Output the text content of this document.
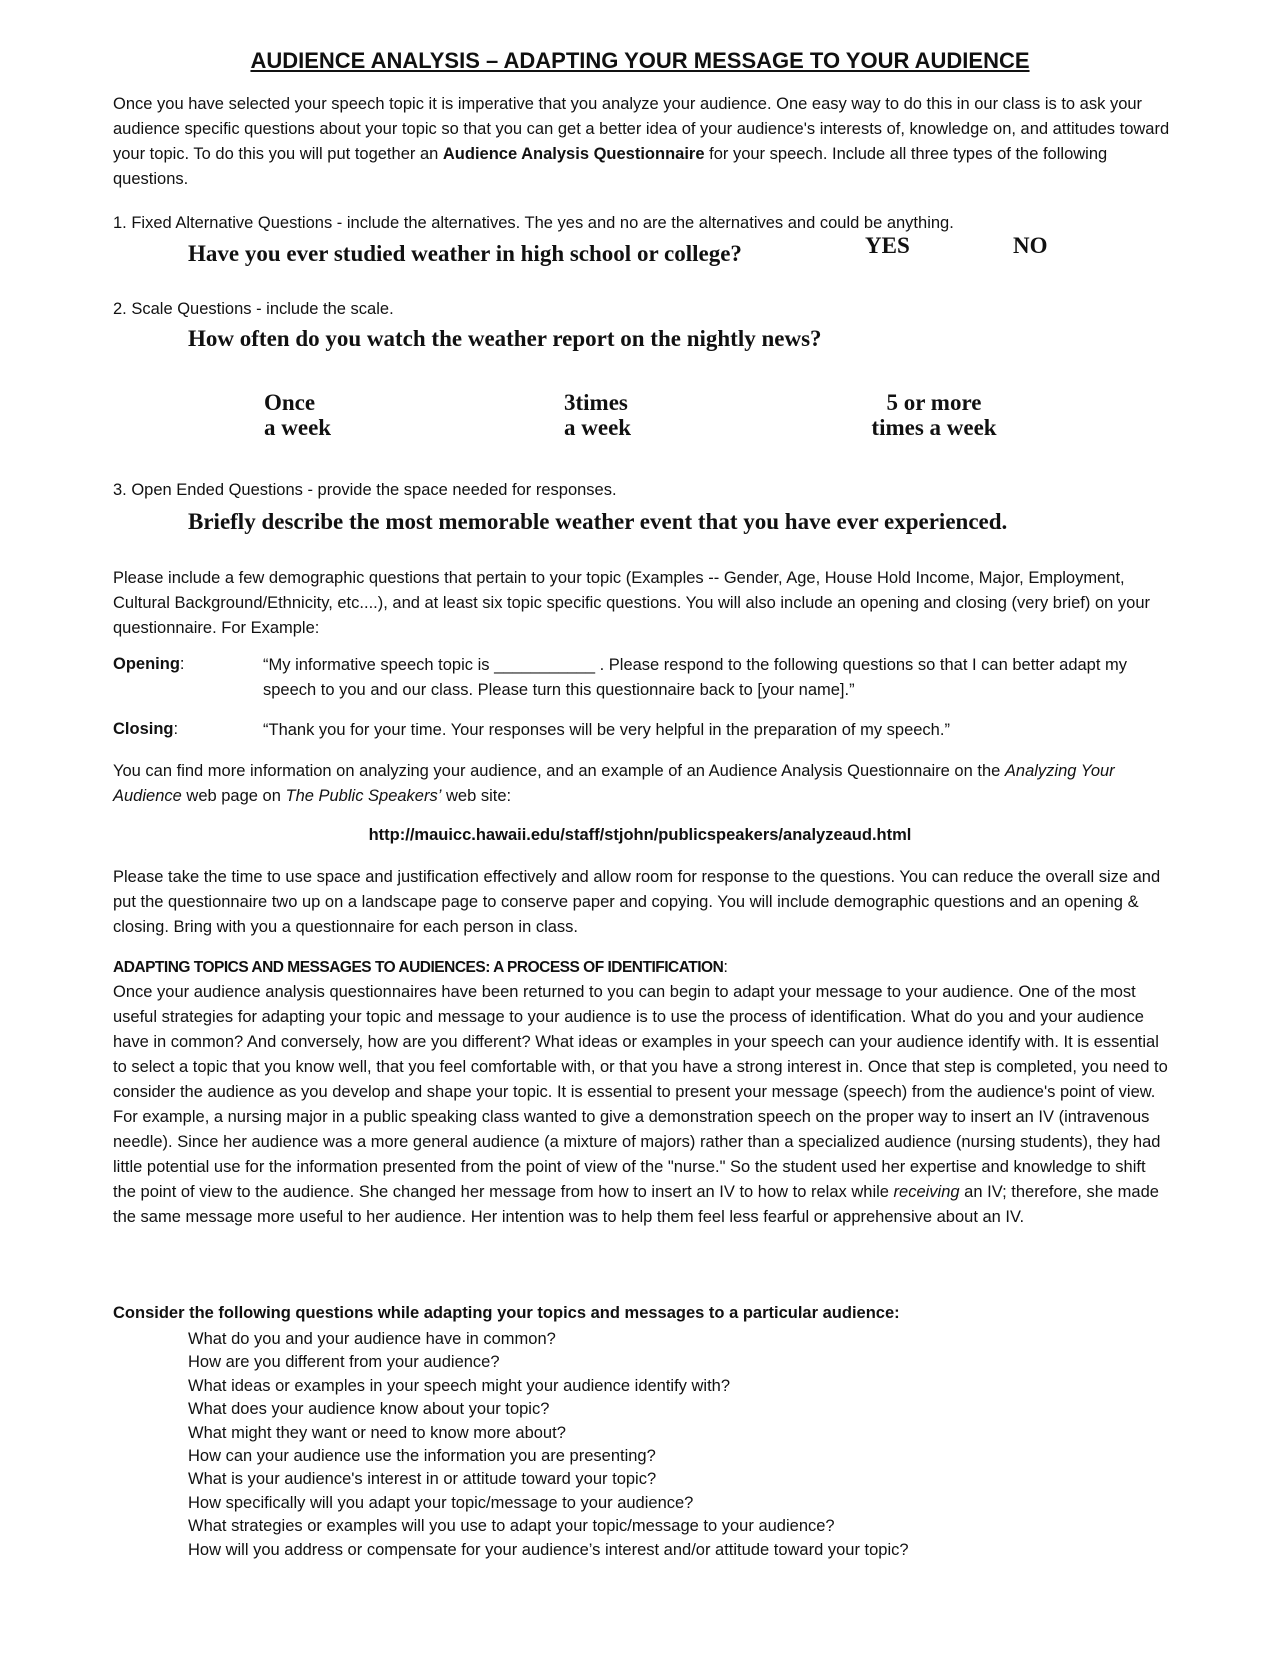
AUDIENCE ANALYSIS – ADAPTING YOUR MESSAGE TO YOUR AUDIENCE

Once you have selected your speech topic it is imperative that you analyze your audience. One easy way to do this in our class is to ask your audience specific questions about your topic so that you can get a better idea of your audience's interests of, knowledge on, and attitudes toward your topic. To do this you will put together an Audience Analysis Questionnaire for your speech. Include all three types of the following questions.

1. Fixed Alternative Questions - include the alternatives. The yes and no are the alternatives and could be anything.
Have you ever studied weather in high school or college?	YES	NO
2. Scale Questions - include the scale.
How often do you watch the weather report on the nightly news?
Once
a week
3times
a week
5 or more
times a week
3. Open Ended Questions - provide the space needed for responses.
Briefly describe the most memorable weather event that you have ever experienced.

Please include a few demographic questions that pertain to your topic (Examples -- Gender, Age, House Hold Income, Major, Employment, Cultural Background/Ethnicity, etc....), and at least six topic specific questions. You will also include an opening and closing (very brief) on your questionnaire. For Example:

Opening:	“My informative speech topic is ___________ . Please respond to the following questions so that I can better adapt my speech to you and our class. Please turn this questionnaire back to [your name].”
Closing:	“Thank you for your time. Your responses will be very helpful in the preparation of my speech.”

You can find more information on analyzing your audience, and an example of an Audience Analysis Questionnaire on the Analyzing Your Audience web page on The Public Speakers’ web site:

http://mauicc.hawaii.edu/staff/stjohn/publicspeakers/analyzeaud.html

Please take the time to use space and justification effectively and allow room for response to the questions. You can reduce the overall size and put the questionnaire two up on a landscape page to conserve paper and copying. You will include demographic questions and an opening & closing. Bring with you a questionnaire for each person in class.

ADAPTING TOPICS AND MESSAGES TO AUDIENCES: A PROCESS OF IDENTIFICATION:

Once your audience analysis questionnaires have been returned to you can begin to adapt your message to your audience. One of the most useful strategies for adapting your topic and message to your audience is to use the process of identification. What do you and your audience have in common? And conversely, how are you different? What ideas or examples in your speech can your audience identify with. It is essential to select a topic that you know well, that you feel comfortable with, or that you have a strong interest in. Once that step is completed, you need to consider the audience as you develop and shape your topic. It is essential to present your message (speech) from the audience's point of view. For example, a nursing major in a public speaking class wanted to give a demonstration speech on the proper way to insert an IV (intravenous needle). Since her audience was a more general audience (a mixture of majors) rather than a specialized audience (nursing students), they had little potential use for the information presented from the point of view of the "nurse." So the student used her expertise and knowledge to shift the point of view to the audience. She changed her message from how to insert an IV to how to relax while receiving an IV; therefore, she made the same message more useful to her audience. Her intention was to help them feel less fearful or apprehensive about an IV.

Consider the following questions while adapting your topics and messages to a particular audience:
What do you and your audience have in common?
How are you different from your audience?
What ideas or examples in your speech might your audience identify with?
What does your audience know about your topic?
What might they want or need to know more about?
How can your audience use the information you are presenting?
What is your audience's interest in or attitude toward your topic?
How specifically will you adapt your topic/message to your audience?
What strategies or examples will you use to adapt your topic/message to your audience?
How will you address or compensate for your audience’s interest and/or attitude toward your topic?
